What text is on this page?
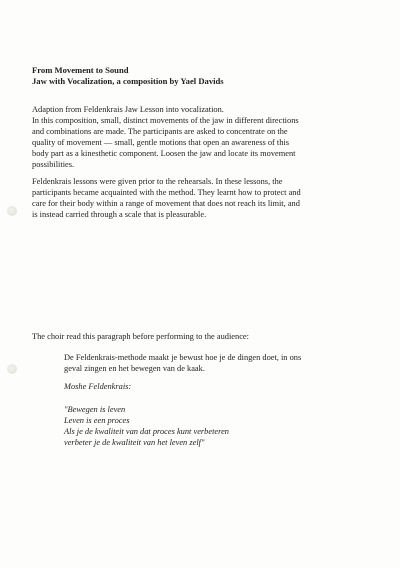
From Movement to Sound
Jaw with Vocalization, a composition by Yael Davids
Adaption from Feldenkrais Jaw Lesson into vocalization.
In this composition, small, distinct movements of the jaw in different directions
and combinations are made. The participants are asked to concentrate on the
quality of movement — small, gentle motions that open an awareness of this
body part as a kinesthetic component. Loosen the jaw and locate its movement
possibilities.
Feldenkrais lessons were given prior to the rehearsals. In these lessons, the
participants became acquainted with the method. They learnt how to protect and
care for their body within a range of movement that does not reach its limit, and
is instead carried through a scale that is pleasurable.
The choir read this paragraph before performing to the audience:
De Feldenkrais-methode maakt je bewust hoe je de dingen doet, in ons
geval zingen en het bewegen van de kaak.
Moshe Feldenkrais:
"Bewegen is leven
Leven is een proces
Als je de kwaliteit van dat proces kunt verbeteren
verbeter je de kwaliteit van het leven zelf"
